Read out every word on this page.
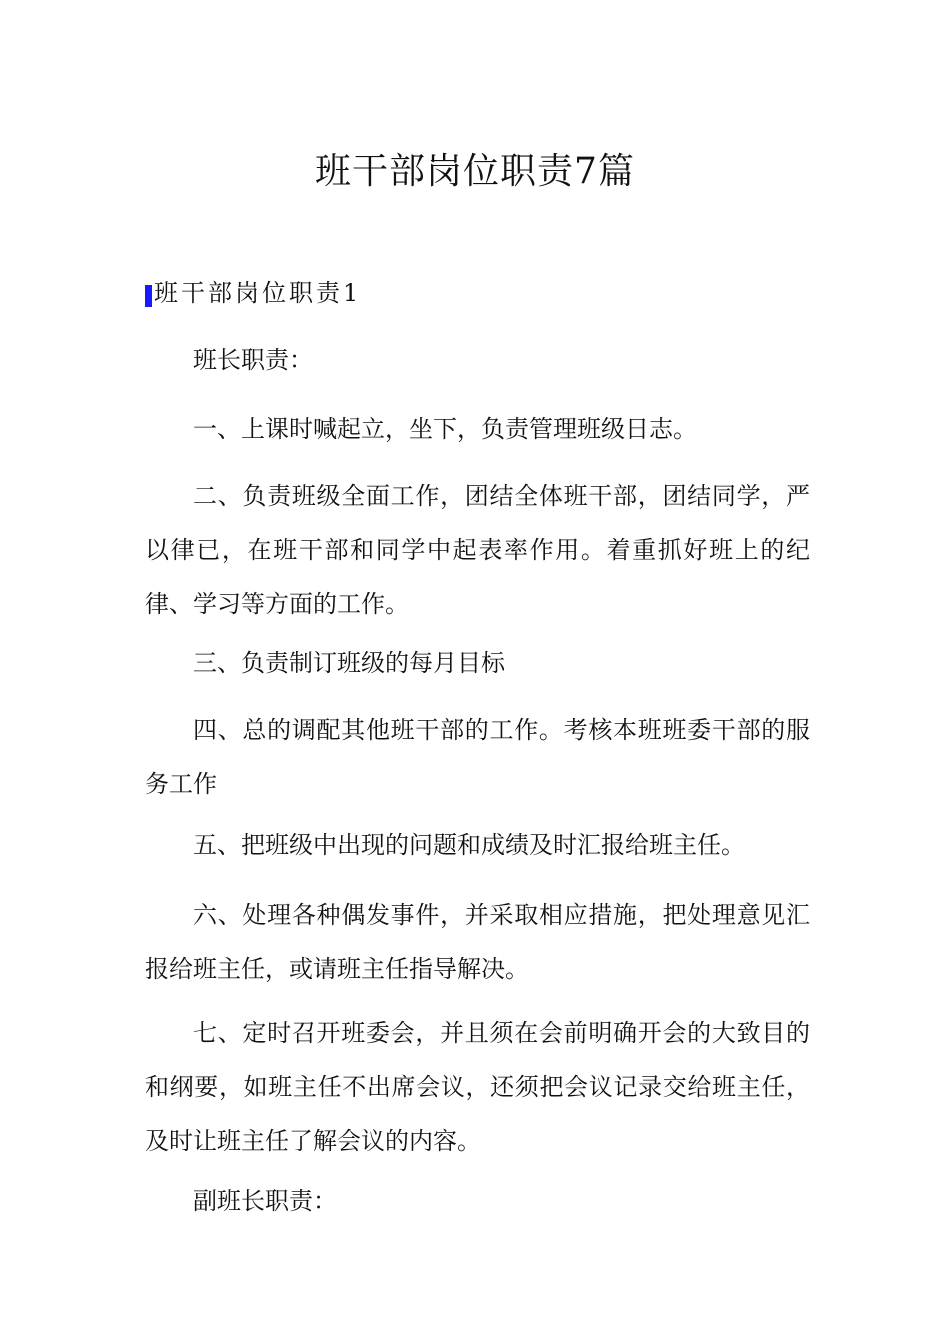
班干部岗位职责7篇
班干部岗位职责1

班长职责：

一、上课时喊起立，坐下，负责管理班级日志。

二、负责班级全面工作，团结全体班干部，团结同学，严以律已，在班干部和同学中起表率作用。着重抓好班上的纪律、学习等方面的工作。

三、负责制订班级的每月目标

四、总的调配其他班干部的工作。考核本班班委干部的服务工作

五、把班级中出现的问题和成绩及时汇报给班主任。

六、处理各种偶发事件，并采取相应措施，把处理意见汇报给班主任，或请班主任指导解决。

七、定时召开班委会，并且须在会前明确开会的大致目的和纲要，如班主任不出席会议，还须把会议记录交给班主任，及时让班主任了解会议的内容。

副班长职责：
